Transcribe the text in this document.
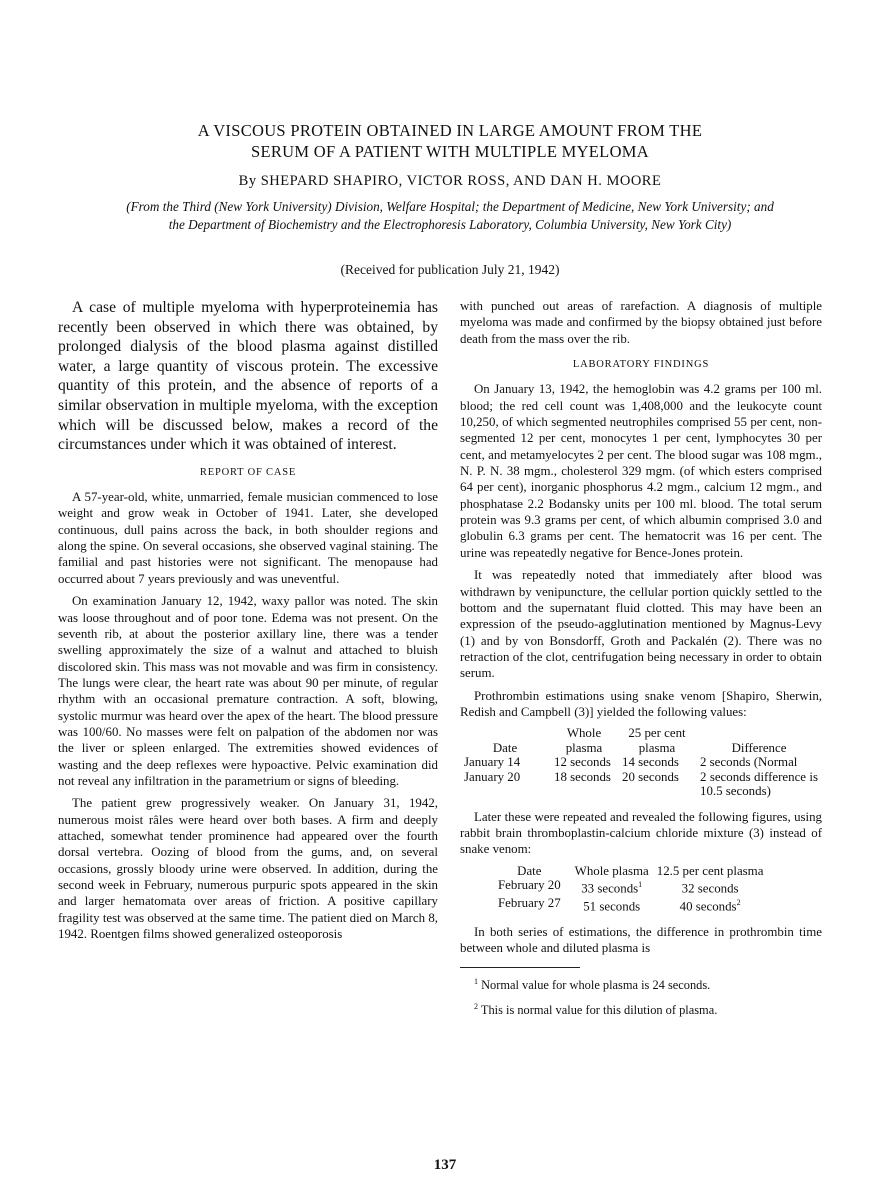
A VISCOUS PROTEIN OBTAINED IN LARGE AMOUNT FROM THE
SERUM OF A PATIENT WITH MULTIPLE MYELOMA
By SHEPARD SHAPIRO, VICTOR ROSS, AND DAN H. MOORE
(From the Third (New York University) Division, Welfare Hospital; the Department of Medicine, New York University; and the Department of Biochemistry and the Electrophoresis Laboratory, Columbia University, New York City)
(Received for publication July 21, 1942)

A case of multiple myeloma with hyperproteinemia has recently been observed in which there was obtained, by prolonged dialysis of the blood plasma against distilled water, a large quantity of viscous protein. The excessive quantity of this protein, and the absence of reports of a similar observation in multiple myeloma, with the exception which will be discussed below, makes a record of the circumstances under which it was obtained of interest.

REPORT OF CASE

A 57-year-old, white, unmarried, female musician commenced to lose weight and grow weak in October of 1941. Later, she developed continuous, dull pains across the back, in both shoulder regions and along the spine. On several occasions, she observed vaginal staining. The familial and past histories were not significant. The menopause had occurred about 7 years previously and was uneventful.

On examination January 12, 1942, waxy pallor was noted. The skin was loose throughout and of poor tone. Edema was not present. On the seventh rib, at about the posterior axillary line, there was a tender swelling approximately the size of a walnut and attached to bluish discolored skin. This mass was not movable and was firm in consistency. The lungs were clear, the heart rate was about 90 per minute, of regular rhythm with an occasional premature contraction. A soft, blowing, systolic murmur was heard over the apex of the heart. The blood pressure was 100/60. No masses were felt on palpation of the abdomen nor was the liver or spleen enlarged. The extremities showed evidences of wasting and the deep reflexes were hypoactive. Pelvic examination did not reveal any infiltration in the parametrium or signs of bleeding.

The patient grew progressively weaker. On January 31, 1942, numerous moist râles were heard over both bases. A firm and deeply attached, somewhat tender prominence had appeared over the fourth dorsal vertebra. Oozing of blood from the gums, and, on several occasions, grossly bloody urine were observed. In addition, during the second week in February, numerous purpuric spots appeared in the skin and larger hematomata over areas of friction. A positive capillary fragility test was observed at the same time. The patient died on March 8, 1942. Roentgen films showed generalized osteoporosis

with punched out areas of rarefaction. A diagnosis of multiple myeloma was made and confirmed by the biopsy obtained just before death from the mass over the rib.

LABORATORY FINDINGS

On January 13, 1942, the hemoglobin was 4.2 grams per 100 ml. blood; the red cell count was 1,408,000 and the leukocyte count 10,250, of which segmented neutrophiles comprised 55 per cent, non-segmented 12 per cent, monocytes 1 per cent, lymphocytes 30 per cent, and metamyelocytes 2 per cent. The blood sugar was 108 mgm., N. P. N. 38 mgm., cholesterol 329 mgm. (of which esters comprised 64 per cent), inorganic phosphorus 4.2 mgm., calcium 12 mgm., and phosphatase 2.2 Bodansky units per 100 ml. blood. The total serum protein was 9.3 grams per cent, of which albumin comprised 3.0 and globulin 6.3 grams per cent. The hematocrit was 16 per cent. The urine was repeatedly negative for Bence-Jones protein.

It was repeatedly noted that immediately after blood was withdrawn by venipuncture, the cellular portion quickly settled to the bottom and the supernatant fluid clotted. This may have been an expression of the pseudo-agglutination mentioned by Magnus-Levy (1) and by von Bonsdorff, Groth and Packalén (2). There was no retraction of the clot, centrifugation being necessary in order to obtain serum.

Prothrombin estimations using snake venom [Shapiro, Sherwin, Redish and Campbell (3)] yielded the following values:

Date	Whole plasma	25 per cent plasma	Difference
January 14	12 seconds	14 seconds	2 seconds (Normal
January 20	18 seconds	20 seconds	2 seconds difference is 10.5 seconds)

Later these were repeated and revealed the following figures, using rabbit brain thromboplastin-calcium chloride mixture (3) instead of snake venom:

Date	Whole plasma	12.5 per cent plasma
February 20	33 seconds$^1$	32 seconds
February 27	51 seconds	40 seconds$^2$

In both series of estimations, the difference in prothrombin time between whole and diluted plasma is

$^1$ Normal value for whole plasma is 24 seconds.

$^2$ This is normal value for this dilution of plasma.

137
